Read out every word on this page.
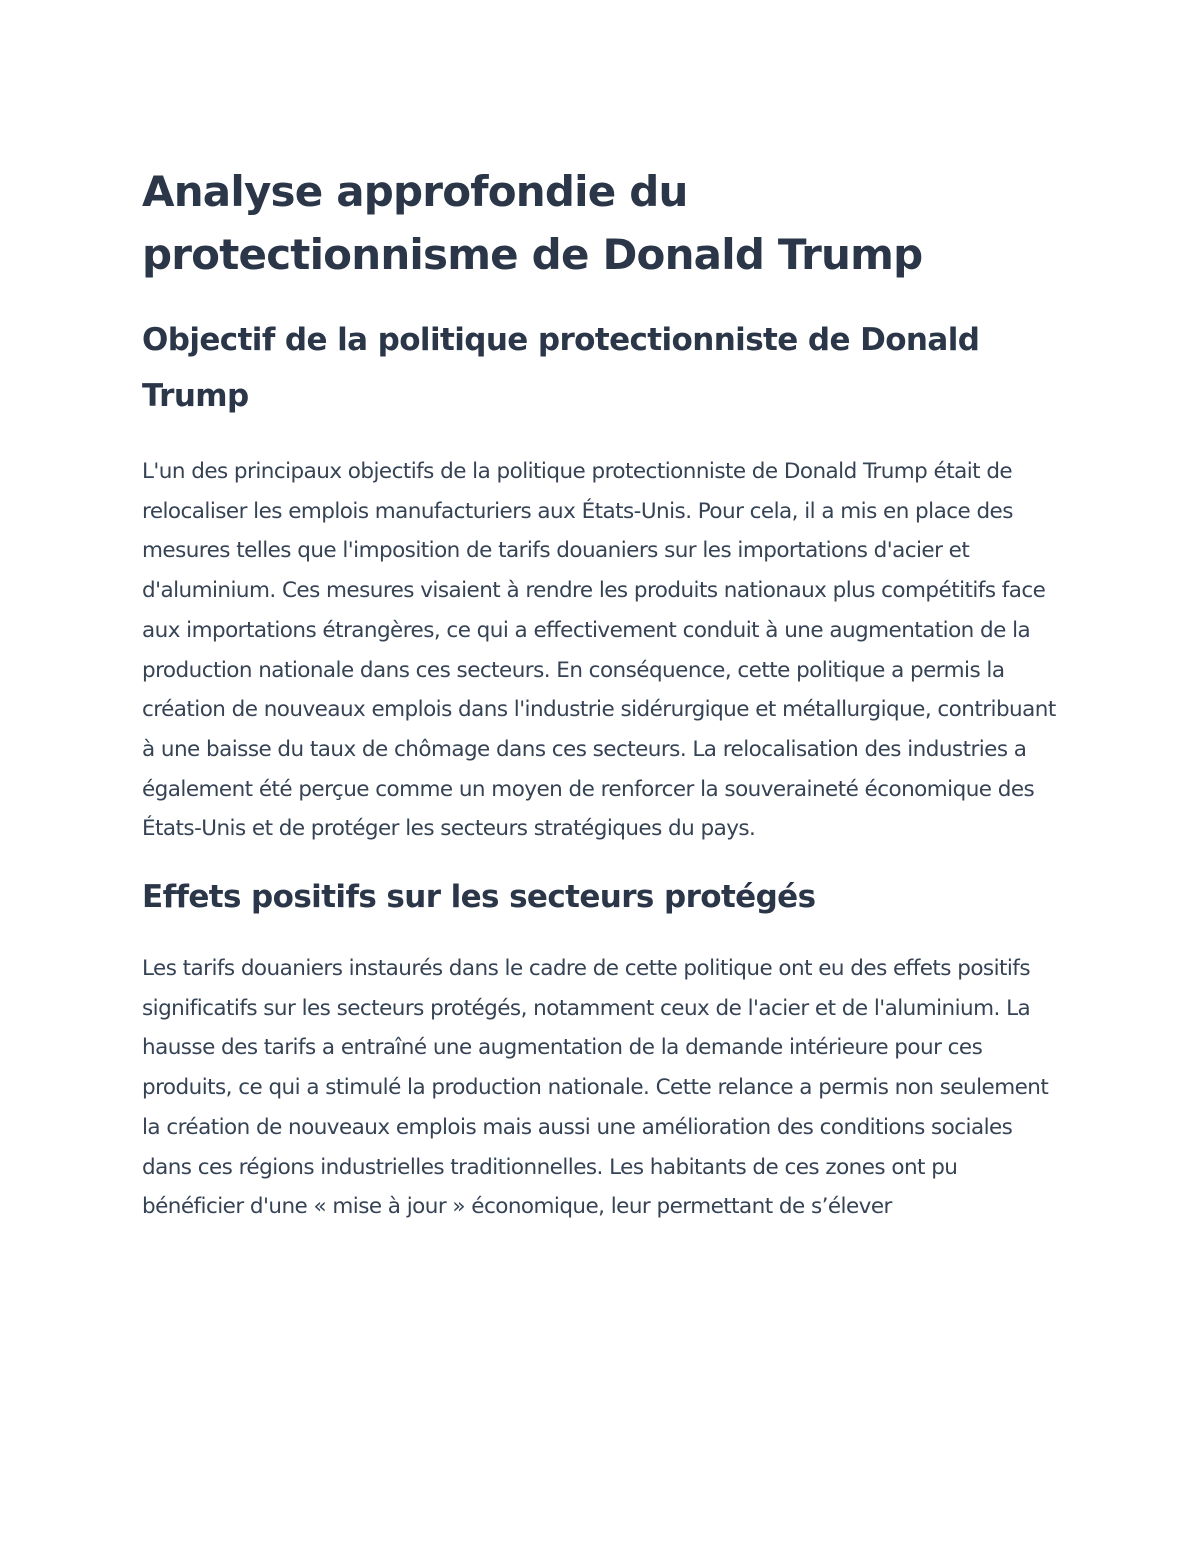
Analyse approfondie du protectionnisme de Donald Trump
Objectif de la politique protectionniste de Donald Trump

L'un des principaux objectifs de la politique protectionniste de Donald Trump était de relocaliser les emplois manufacturiers aux États-Unis. Pour cela, il a mis en place des mesures telles que l'imposition de tarifs douaniers sur les importations d'acier et d'aluminium. Ces mesures visaient à rendre les produits nationaux plus compétitifs face aux importations étrangères, ce qui a effectivement conduit à une augmentation de la production nationale dans ces secteurs. En conséquence, cette politique a permis la création de nouveaux emplois dans l'industrie sidérurgique et métallurgique, contribuant à une baisse du taux de chômage dans ces secteurs. La relocalisation des industries a également été perçue comme un moyen de renforcer la souveraineté économique des États-Unis et de protéger les secteurs stratégiques du pays.

Effets positifs sur les secteurs protégés

Les tarifs douaniers instaurés dans le cadre de cette politique ont eu des effets positifs significatifs sur les secteurs protégés, notamment ceux de l'acier et de l'aluminium. La hausse des tarifs a entraîné une augmentation de la demande intérieure pour ces produits, ce qui a stimulé la production nationale. Cette relance a permis non seulement la création de nouveaux emplois mais aussi une amélioration des conditions sociales dans ces régions industrielles traditionnelles. Les habitants de ces zones ont pu bénéficier d'une « mise à jour » économique, leur permettant de s’élever
